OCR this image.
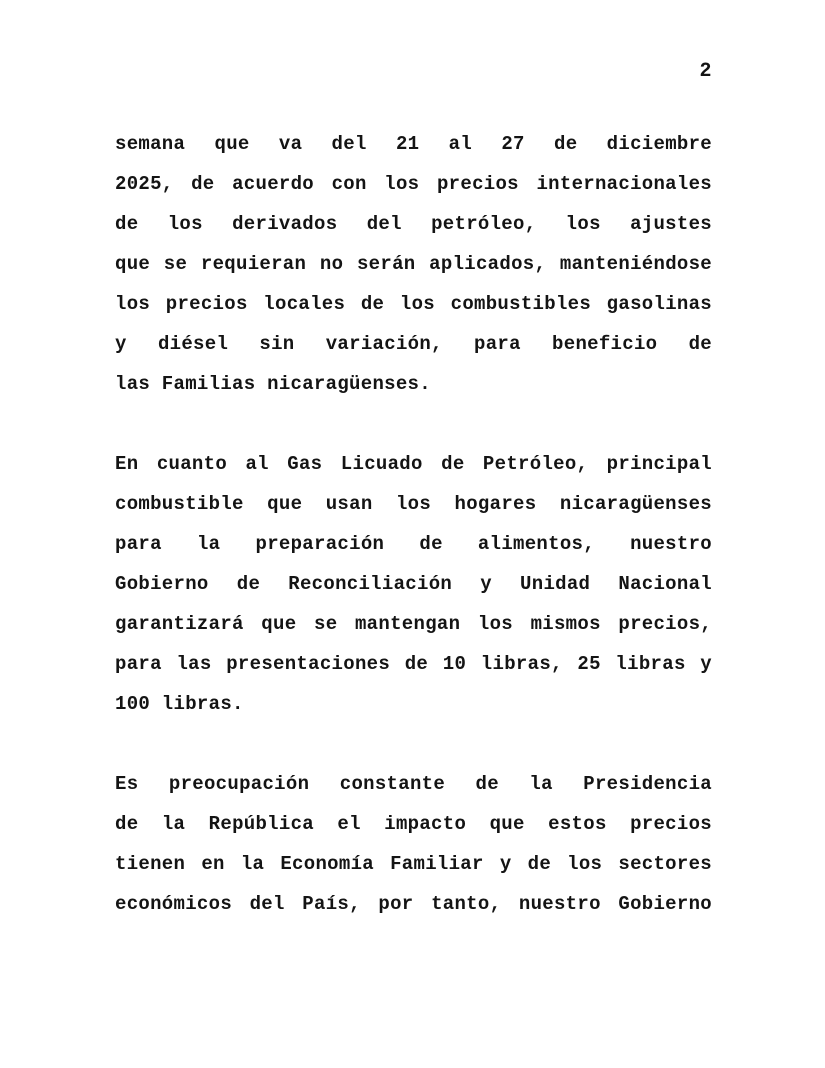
2
semana que va del 21 al 27 de diciembre
2025, de acuerdo con los precios internacionales
de los derivados del petróleo, los ajustes
que se requieran no serán aplicados, manteniéndose
los precios locales de los combustibles gasolinas
y diésel sin variación, para beneficio de
las Familias nicaragüenses.
En cuanto al Gas Licuado de Petróleo, principal
combustible que usan los hogares nicaragüenses
para la preparación de alimentos, nuestro
Gobierno de Reconciliación y Unidad Nacional
garantizará que se mantengan los mismos precios,
para las presentaciones de 10 libras, 25 libras y
100 libras.
Es preocupación constante de la Presidencia
de la República el impacto que estos precios
tienen en la Economía Familiar y de los sectores
económicos del País, por tanto, nuestro Gobierno
